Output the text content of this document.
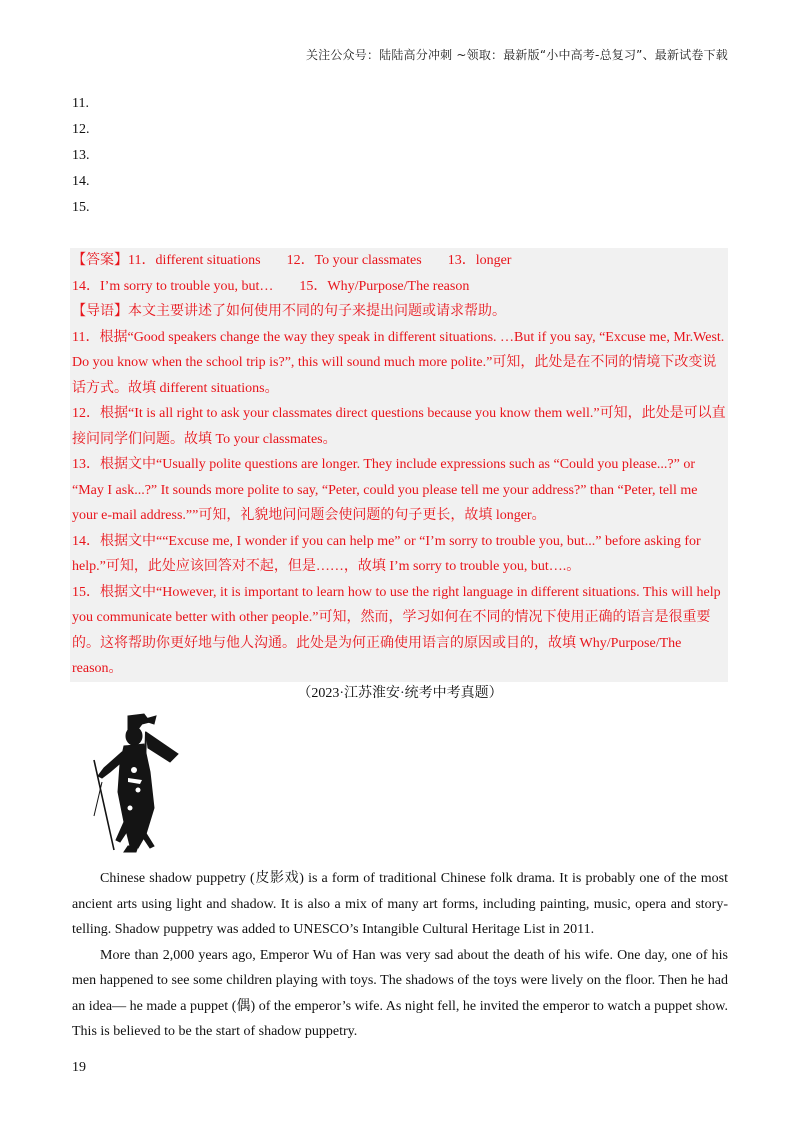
关注公众号：陆陆高分冲刺 ~领取：最新版“小中高考-总复习”、最新试卷下载
11.
12.
13.
14.
15.

【答案】 11．different situations 12．To your classmates 13．longer
14．I’m sorry to trouble you, but… 15．Why/Purpose/The reason

【导语】本文主要讲述了如何使用不同的句子来提出问题或请求帮助。

11．根据“Good speakers change the way they speak in different situations. …But if you say, “Excuse me, Mr.West. Do you know when the school trip is?”, this will sound much more polite.”可知，此处是在不同的情境下改变说话方式。故填 different situations。

12．根据“It is all right to ask your classmates direct questions because you know them well.”可知，此处是可以直接问同学们问题。故填 To your classmates。

13．根据文中“Usually polite questions are longer. They include expressions such as “Could you please...?” or “May I ask...?” It sounds more polite to say, “Peter, could you please tell me your address?” than “Peter, tell me your e-mail address.””可知，礼貌地问问题会使问题的句子更长，故填 longer。

14．根据文中““Excuse me, I wonder if you can help me” or “I’m sorry to trouble you, but...” before asking for help.”可知，此处应该回答对不起，但是……，故填 I’m sorry to trouble you, but….。

15．根据文中“However, it is important to learn how to use the right language in different situations. This will help you communicate better with other people.”可知，然而，学习如何在不同的情况下使用正确的语言是很重要的。这将帮助你更好地与他人沟通。此处是为何正确使用语言的原因或目的，故填 Why/Purpose/The reason。

（2023·江苏淮安·统考中考真题）

Chinese shadow puppetry (皮影戏) is a form of traditional Chinese folk drama. It is probably one of the most ancient arts using light and shadow. It is also a mix of many art forms, including painting, music, opera and story-telling. Shadow puppetry was added to UNESCO’s Intangible Cultural Heritage List in 2011.

More than 2,000 years ago, Emperor Wu of Han was very sad about the death of his wife. One day, one of his men happened to see some children playing with toys. The shadows of the toys were lively on the floor. Then he had an idea— he made a puppet (偶) of the emperor’s wife. As night fell, he invited the emperor to watch a puppet show. This is believed to be the start of shadow puppetry.

19
